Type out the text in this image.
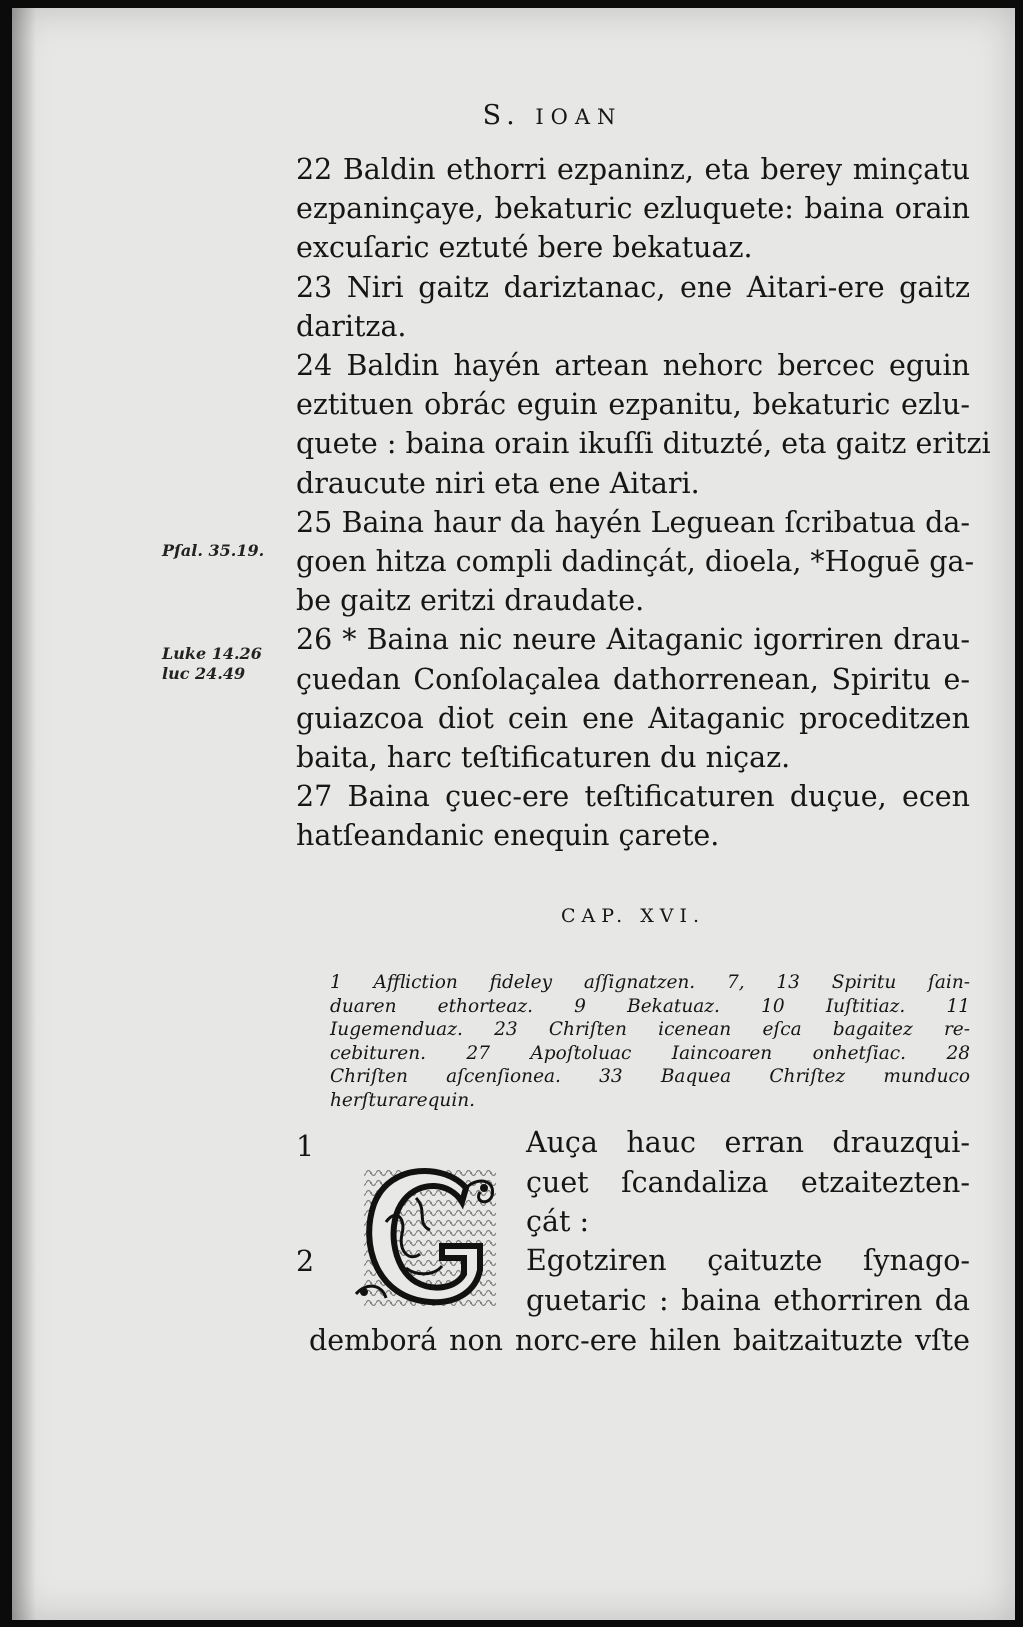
S. IOAN
Pſal. 35.19.
Luke 14.26
luc 24.49
22 Baldin ethorri ezpaninz, eta berey minçatu
ezpaninçaye, bekaturic ezluquete: baina orain
excuſaric eztuté bere bekatuaz.
23 Niri gaitz dariztanac, ene Aitari-ere gaitz
daritza.
24 Baldin hayén artean nehorc bercec eguin
eztituen obrác eguin ezpanitu, bekaturic ezlu-
quete : baina orain ikuſſi dituzté, eta gaitz eritzi
draucute niri eta ene Aitari.
25 Baina haur da hayén Leguean ſcribatua da-
goen hitza compli dadinçát, dioela, *Hoguē ga-
be gaitz eritzi draudate.
26 * Baina nic neure Aitaganic igorriren drau-
çuedan Conſolaçalea dathorrenean, Spiritu e-
guiazcoa diot cein ene Aitaganic proceditzen
baita, harc teſtificaturen du niçaz.
27 Baina çuec-ere teſtificaturen duçue, ecen
hatſeandanic enequin çarete.
CAP. XVI.
1 Affliction fideley aſſignatzen. 7, 13 Spiritu ſain-
duaren ethorteaz. 9 Bekatuaz. 10 Iuſtitiaz. 11
Iugemenduaz. 23 Chriſten icenean eſca bagaitez re-
cebituren. 27 Apoſtoluac Iaincoaren onhetſiac. 28
Chriſten aſcenſionea. 33 Baquea Chriſtez munduco
herſturarequin.
1
2
Auça hauc erran drauzqui-
çuet ſcandaliza etzaitezten-
çát :
Egotziren çaituzte ſynago-
guetaric : baina ethorriren da
demborá non norc-ere hilen baitzaituzte vſte
